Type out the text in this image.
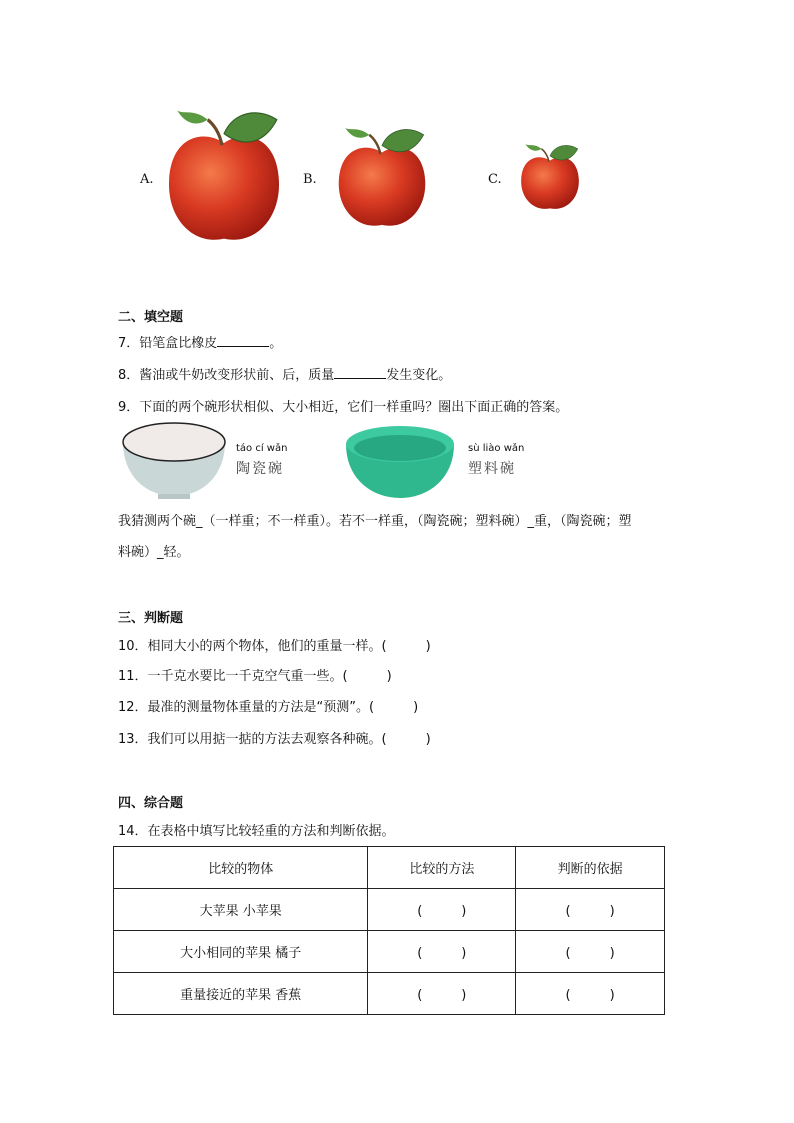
A.	B.	C.
二、填空题
7．铅笔盒比橡皮	。
8．酱油或牛奶改变形状前、后，质量	发生变化。
9．下面的两个碗形状相似、大小相近，它们一样重吗？圈出下面正确的答案。
táo cí wǎn
陶瓷碗
sù liào wǎn
塑料碗
我猜测两个碗_（一样重；不一样重）。若不一样重，（陶瓷碗；塑料碗）_重，（陶瓷碗；塑
料碗）_轻。
三、判断题
10．相同大小的两个物体，他们的重量一样。(　　　)
11．一千克水要比一千克空气重一些。(　　　)
12．最准的测量物体重量的方法是“预测”。(　　　)
13．我们可以用掂一掂的方法去观察各种碗。(　　　)
四、综合题
14．在表格中填写比较轻重的方法和判断依据。
比较的物体	比较的方法	判断的依据
大苹果 小苹果	(　　　)	(　　　)
大小相同的苹果 橘子	(　　　)	(　　　)
重量接近的苹果 香蕉	(　　　)	(　　　)
